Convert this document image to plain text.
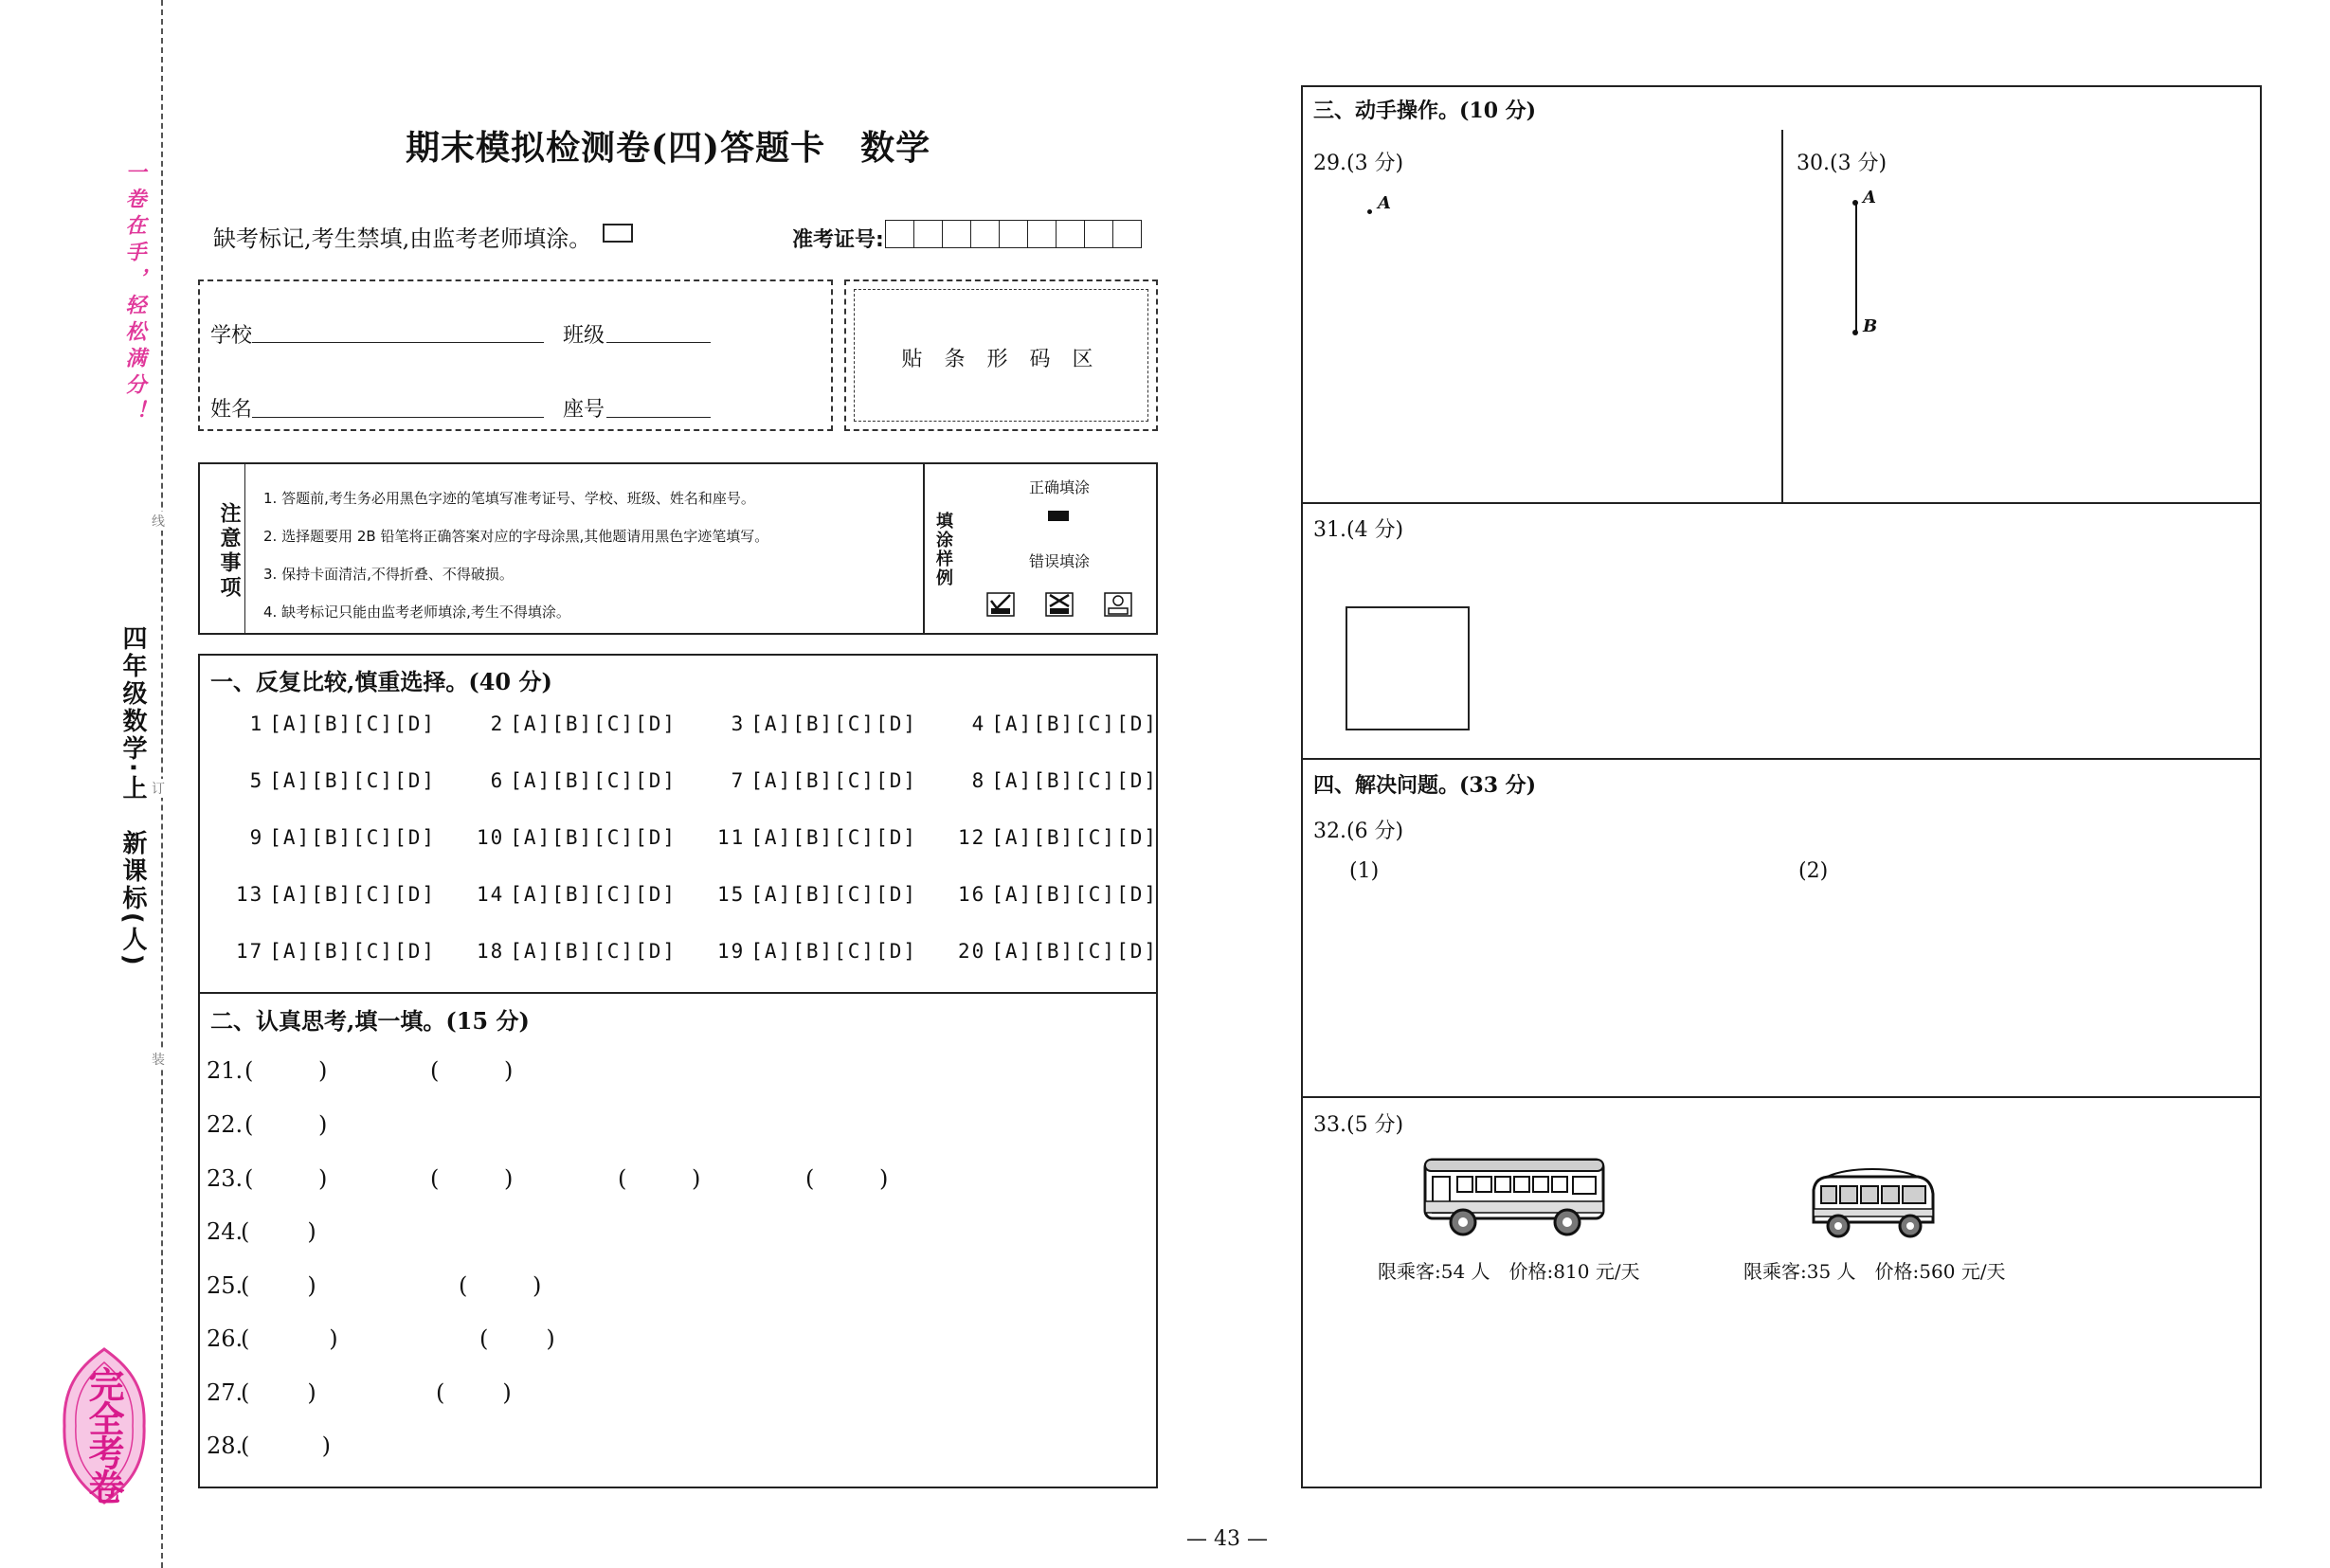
一卷在手，轻松满分！
四年级数学·上　新课标(人)
线
订
装
完全考卷
期末模拟检测卷(四)答题卡　数学
缺考标记,考生禁填,由监考老师填涂。	准考证号:
学校	班级
姓名	座号
贴 条 形 码 区
注意事项
1. 答题前,考生务必用黑色字迹的笔填写准考证号、学校、班级、姓名和座号。
2. 选择题要用 2B 铅笔将正确答案对应的字母涂黑,其他题请用黑色字迹笔填写。
3. 保持卡面清洁,不得折叠、不得破损。
4. 缺考标记只能由监考老师填涂,考生不得填涂。
填涂样例
正确填涂
错误填涂
一、反复比较,慎重选择。(40 分)
1 [A][B][C][D]	2 [A][B][C][D]	3 [A][B][C][D]	4 [A][B][C][D]
5 [A][B][C][D]	6 [A][B][C][D]	7 [A][B][C][D]	8 [A][B][C][D]
9 [A][B][C][D]	10 [A][B][C][D]	11 [A][B][C][D]	12 [A][B][C][D]
13 [A][B][C][D]	14 [A][B][C][D]	15 [A][B][C][D]	16 [A][B][C][D]
17 [A][B][C][D]	18 [A][B][C][D]	19 [A][B][C][D]	20 [A][B][C][D]
二、认真思考,填一填。(15 分)
21. (         )	(         )
22. (         )
23. (         )	(         )	(         )	(         )
24.
(        )
25.
(        )	(         )
26.
(           )	(        )
27.
(        )	(        )
28.
(          )
三、动手操作。(10 分)
29.(3 分)	30.(3 分)
A	A
B
31.(4 分)
四、解决问题。(33 分)
32.(6 分)
(1)	(2)
33.(5 分)
限乘客:54 人　价格:810 元/天	限乘客:35 人　价格:560 元/天
— 43 —
